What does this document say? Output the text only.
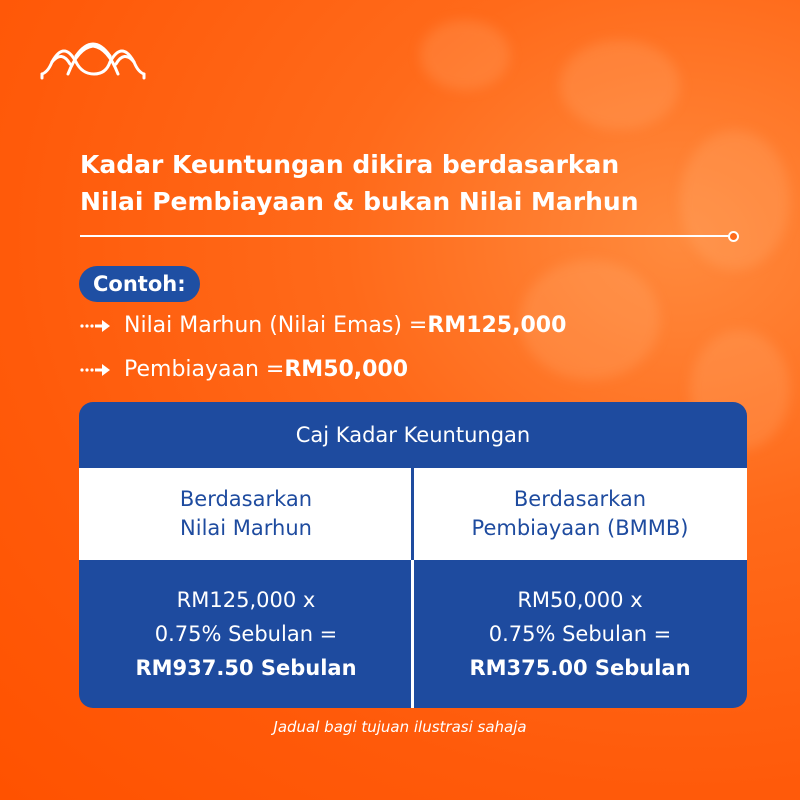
Kadar Keuntungan dikira berdasarkan
Nilai Pembiayaan & bukan Nilai Marhun
Contoh:
Nilai Marhun (Nilai Emas) = RM125,000
Pembiayaan = RM50,000
Caj Kadar Keuntungan
Berdasarkan
Nilai Marhun
Berdasarkan
Pembiayaan (BMMB)
RM125,000 x
0.75% Sebulan =
RM937.50 Sebulan
RM50,000 x
0.75% Sebulan =
RM375.00 Sebulan
Jadual bagi tujuan ilustrasi sahaja
